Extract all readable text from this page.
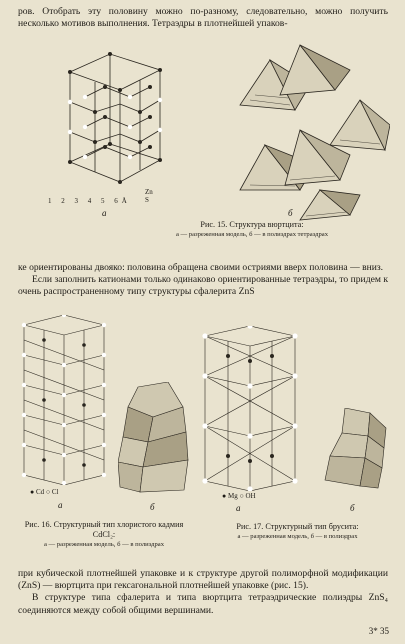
ров. Отобрать эту половину можно по-разному, следовательно, можно получить несколько мотивов выполнения. Тетраэдры в плотнейшей упаков-

1 2 3 4 5 6Å
Zn
S
а	б
Рис. 15. Структура вюртцита:
а — разреженная модель, б — в полиэдрах тетраэдрах

ке ориентированы двояко: половина обращена своими остриями вверх половина — вниз.

Если заполнить катионами только одинаково ориентированные тетраэдры, то придем к очень распространенному типу структуры сфалерита ZnS

● Cd ○ Cl
а	б
● Mg ○ OH
а	б
Рис. 16. Структурный тип хлористого кадмия CdCl₂:
а — разреженная модель, б — в полиэдрах
Рис. 17. Структурный тип брусита:
а — разреженная модель, б — в полиэдрах

при кубической плотнейшей упаковке и к структуре другой полиморфной модификации (ZnS) — вюртцита при гексагональной плотнейшей упаковке (рис. 15).

В структуре типа сфалерита и типа вюртцита тетраэдрические полиэдры ZnS₄ соединяются между собой общими вершинами.

3* 35
